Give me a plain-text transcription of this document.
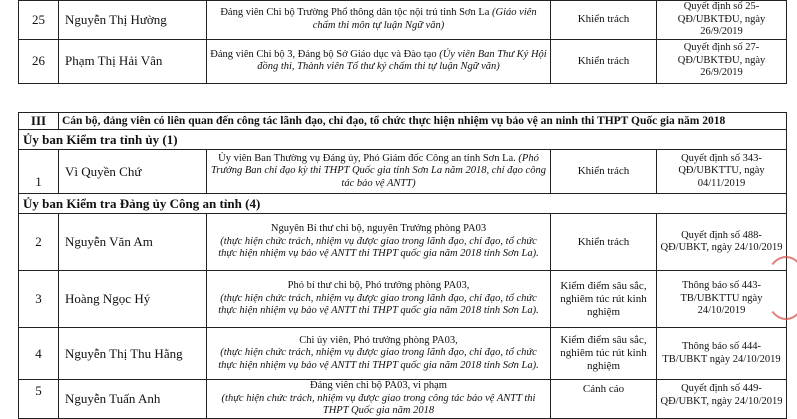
25	Nguyễn Thị Hường	Đảng viên Chi bộ Trường Phổ thông dân tộc nội trú tỉnh Sơn La (Giáo viên chấm thi môn tự luận Ngữ văn)	Khiển trách	Quyết định số 25-QĐ/UBKTĐU, ngày 26/9/2019
26	Phạm Thị Hải Vân	Đảng viên Chi bộ 3, Đảng bộ Sở Giáo dục và Đào tạo (Ủy viên Ban Thư Ký Hội đồng thi, Thành viên Tổ thư ký chấm thi tự luận Ngữ văn)	Khiển trách	Quyết định số 27-QĐ/UBKTĐU, ngày 26/9/2019
III	Cán bộ, đảng viên có liên quan đến công tác lãnh đạo, chỉ đạo, tổ chức thực hiện nhiệm vụ bảo vệ an ninh thi THPT Quốc gia năm 2018			
Ủy ban Kiểm tra tỉnh ủy (1)				
1	Vì Quyền Chứ	Ủy viên Ban Thường vụ Đảng ủy, Phó Giám đốc Công an tỉnh Sơn La. (Phó Trưởng Ban chỉ đạo kỳ thi THPT Quốc gia tỉnh Sơn La năm 2018, chỉ đạo công tác bảo vệ ANTT)	Khiển trách	Quyết định số 343-QĐ/UBKTTU, ngày 04/11/2019
Ủy ban Kiểm tra Đảng ủy Công an tỉnh (4)				
2	Nguyễn Văn Am	Nguyên Bí thư chi bộ, nguyên Trưởng phòng PA03
(thực hiện chức trách, nhiệm vụ được giao trong lãnh đạo, chỉ đạo, tổ chức thực hiện nhiệm vụ bảo vệ ANTT thi THPT quốc gia năm 2018 tỉnh Sơn La).	Khiển trách	Quyết định số 488- QĐ/UBKT, ngày 24/10/2019
3	Hoàng Ngọc Hý	Phó bí thư chi bộ, Phó trưởng phòng PA03,
(thực hiện chức trách, nhiệm vụ được giao trong lãnh đạo, chỉ đạo, tổ chức thực hiện nhiệm vụ bảo vệ ANTT thi THPT quốc gia năm 2018 tỉnh Sơn La).	Kiểm điểm sâu sắc, nghiêm túc rút kinh nghiệm	Thông báo số 443-TB/UBKTTU ngày 24/10/2019
4	Nguyễn Thị Thu Hằng	Chi ủy viên, Phó trưởng phòng PA03,
(thực hiện chức trách, nhiệm vụ được giao trong lãnh đạo, chỉ đạo, tổ chức thực hiện nhiệm vụ bảo vệ ANTT thi THPT quốc gia năm 2018 tỉnh Sơn La).	Kiểm điểm sâu sắc, nghiêm túc rút kinh nghiệm	Thông báo số 444-TB/UBKT ngày 24/10/2019
5	Nguyễn Tuấn Anh	Đảng viên chi bộ PA03, vi phạm
(thực hiện chức trách, nhiệm vụ được giao trong công tác bảo vệ ANTT thi THPT Quốc gia năm 2018	Cảnh cáo	Quyết định số 449-QĐ/UBKT, ngày 24/10/2019
